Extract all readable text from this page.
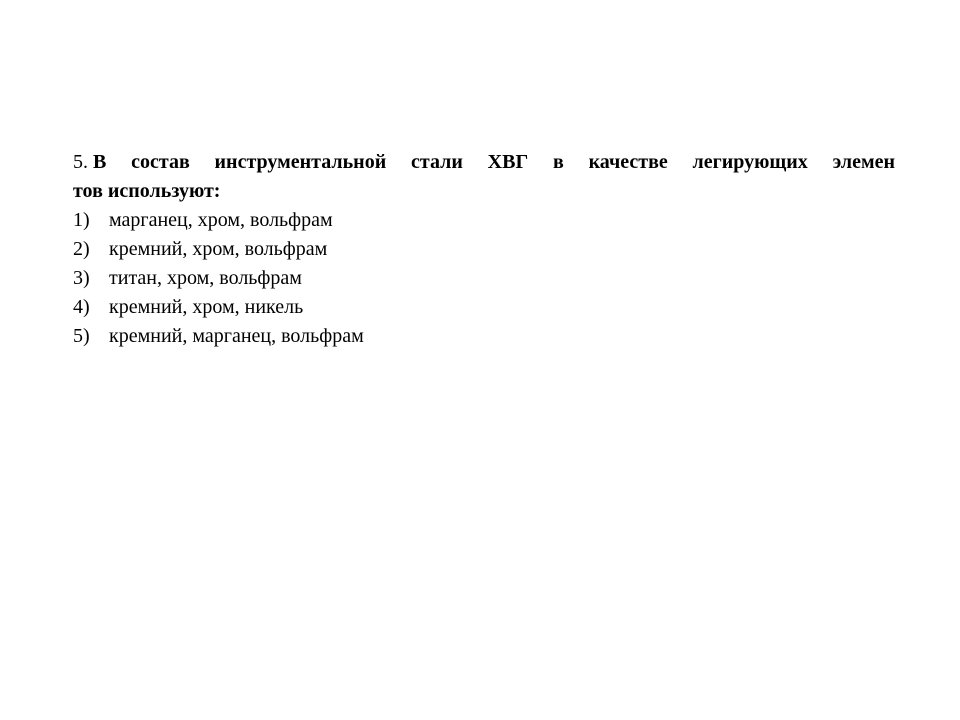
5. В состав инструментальной стали ХВГ в качестве легирующих элемен
тов используют:
1) марганец, хром, вольфрам
2) кремний, хром, вольфрам
3) титан, хром, вольфрам
4) кремний, хром, никель
5) кремний, марганец, вольфрам
